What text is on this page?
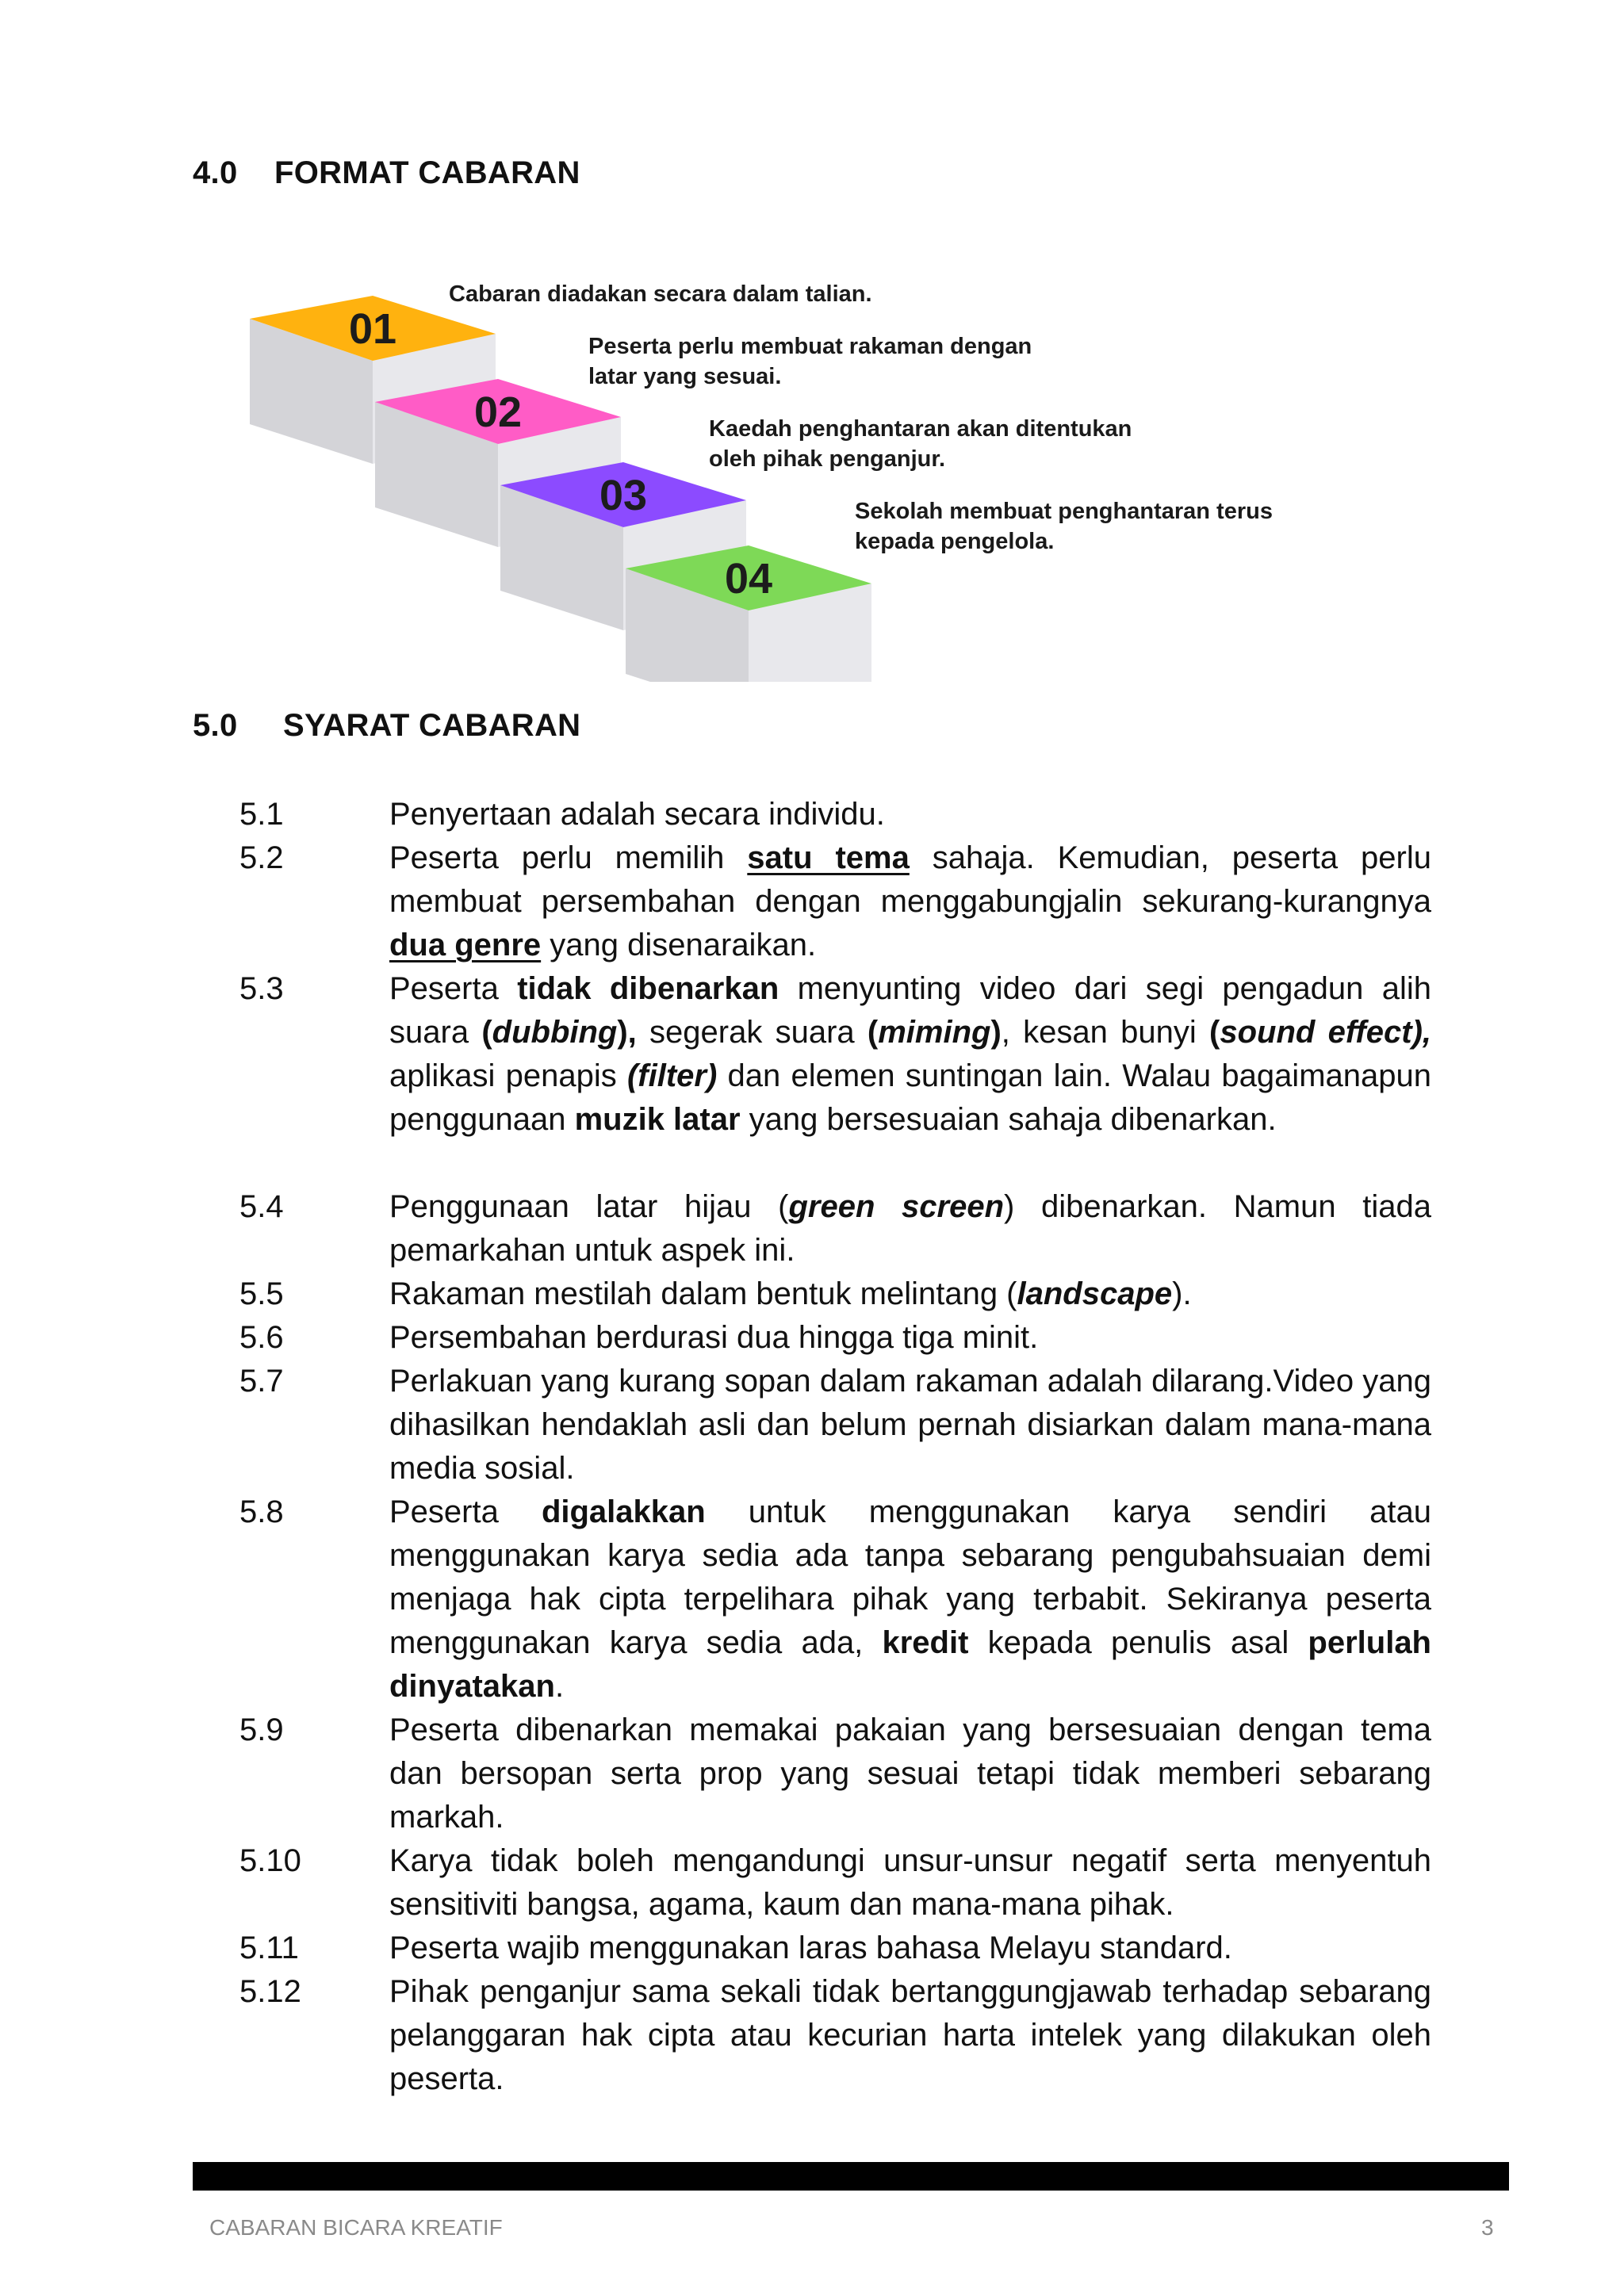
4.0 FORMAT CABARAN
01
02
03
04
Cabaran diadakan secara dalam talian.
Peserta perlu membuat rakaman dengan
latar yang sesuai.
Kaedah penghantaran akan ditentukan
oleh pihak penganjur.
Sekolah membuat penghantaran terus
kepada pengelola.
5.0 SYARAT CABARAN
5.1	Penyertaan adalah secara individu.
5.2	Peserta perlu memilih satu tema sahaja. Kemudian, peserta perlu membuat persembahan dengan menggabungjalin sekurang-kurangnya dua genre yang disenaraikan.
5.3	Peserta tidak dibenarkan menyunting video dari segi pengadun alih suara (dubbing), segerak suara (miming), kesan bunyi (sound effect), aplikasi penapis (filter) dan elemen suntingan lain. Walau bagaimanapun penggunaan muzik latar yang bersesuaian sahaja dibenarkan.
5.4	Penggunaan latar hijau (green screen) dibenarkan. Namun tiada pemarkahan untuk aspek ini.
5.5	Rakaman mestilah dalam bentuk melintang (landscape).
5.6	Persembahan berdurasi dua hingga tiga minit.
5.7	Perlakuan yang kurang sopan dalam rakaman adalah dilarang.Video yang dihasilkan hendaklah asli dan belum pernah disiarkan dalam mana-mana media sosial.
5.8	Peserta digalakkan untuk menggunakan karya sendiri atau menggunakan karya sedia ada tanpa sebarang pengubahsuaian demi menjaga hak cipta terpelihara pihak yang terbabit. Sekiranya peserta menggunakan karya sedia ada, kredit kepada penulis asal perlulah dinyatakan.
5.9	Peserta dibenarkan memakai pakaian yang bersesuaian dengan tema dan bersopan serta prop yang sesuai tetapi tidak memberi sebarang markah.
5.10	Karya tidak boleh mengandungi unsur-unsur negatif serta menyentuh sensitiviti bangsa, agama, kaum dan mana-mana pihak.
5.11	Peserta wajib menggunakan laras bahasa Melayu standard.
5.12	Pihak penganjur sama sekali tidak bertanggungjawab terhadap sebarang pelanggaran hak cipta atau kecurian harta intelek yang dilakukan oleh peserta.
CABARAN BICARA KREATIF	3
